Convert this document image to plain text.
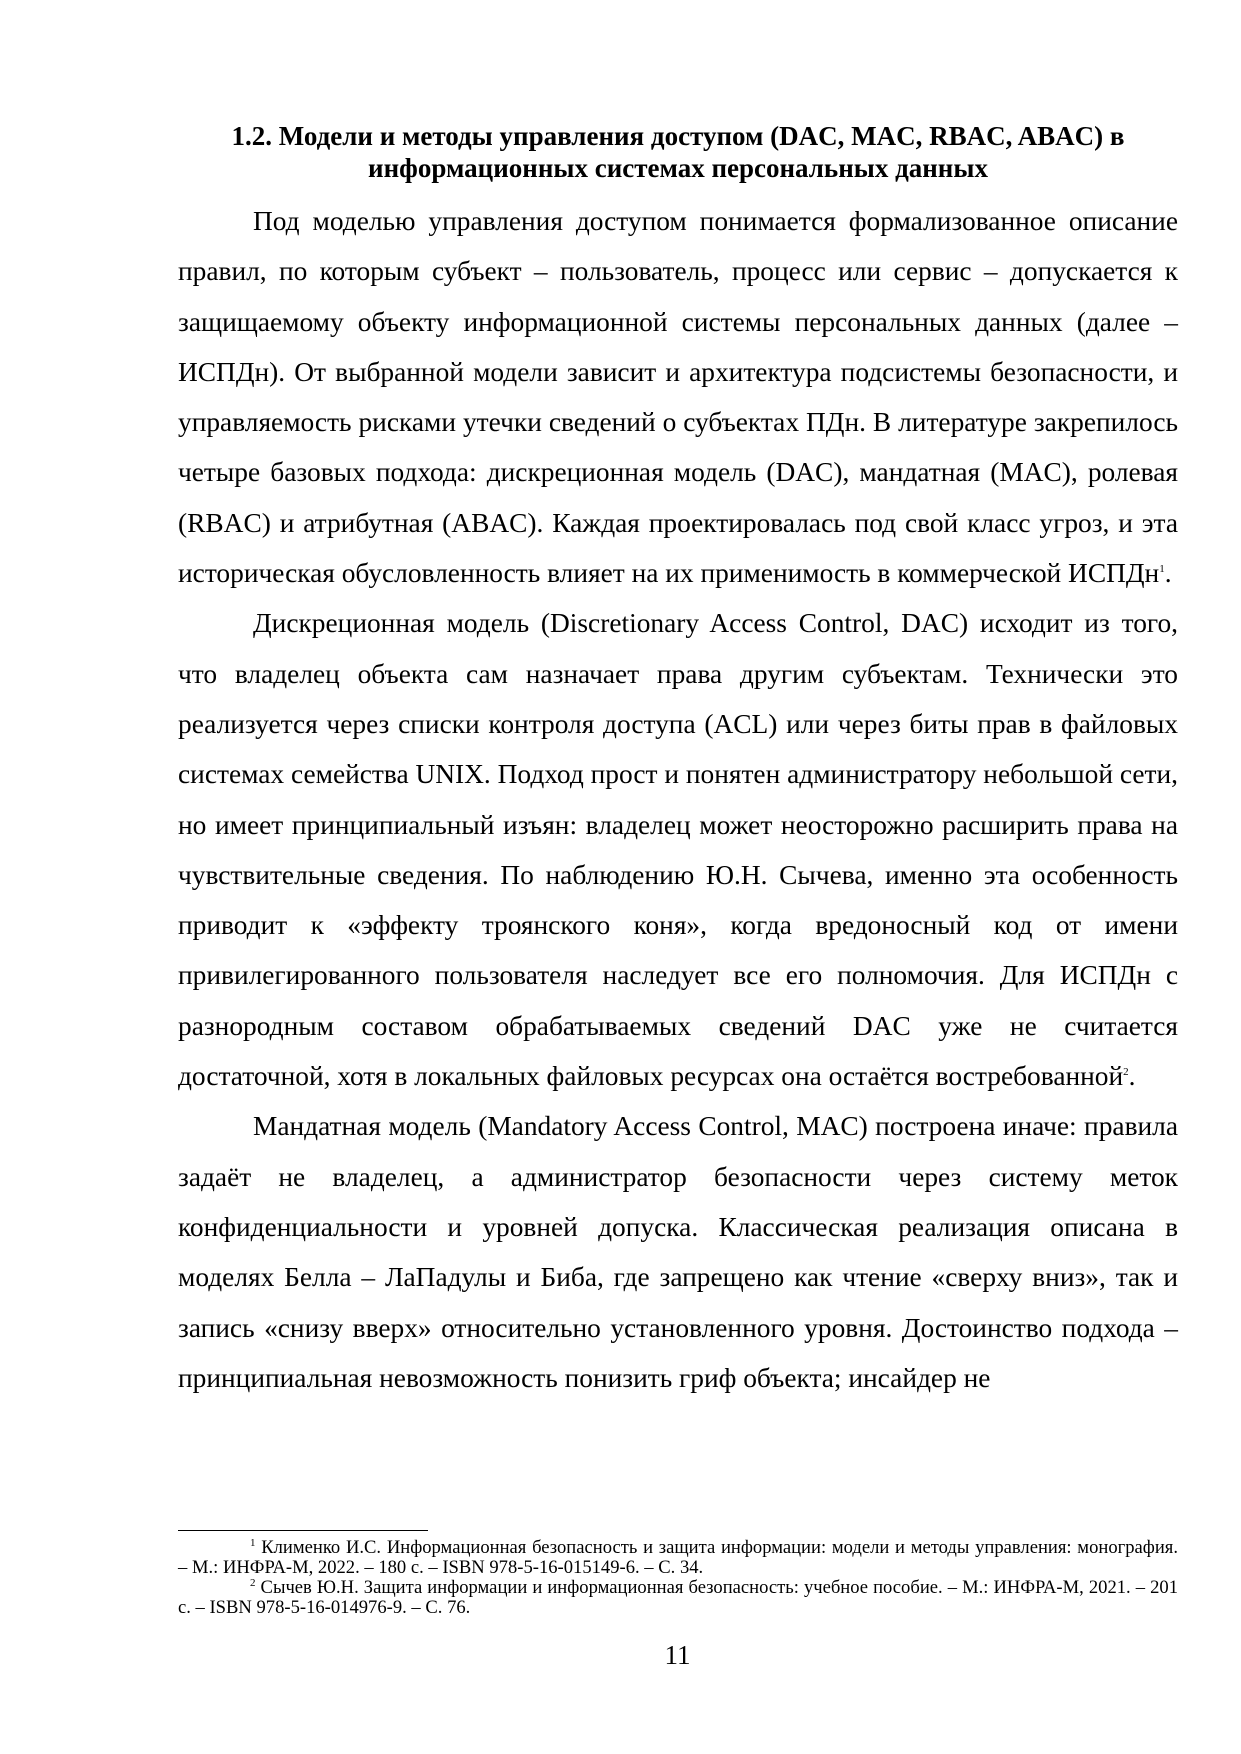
1.2. Модели и методы управления доступом (DAC, MAC, RBAC, ABAC) в
информационных системах персональных данных

Под моделью управления доступом понимается формализованное описание правил, по которым субъект – пользователь, процесс или сервис – допускается к защищаемому объекту информационной системы персональных данных (далее – ИСПДн). От выбранной модели зависит и архитектура подсистемы безопасности, и управляемость рисками утечки сведений о субъектах ПДн. В литературе закрепилось четыре базовых подхода: дискреционная модель (DAC), мандатная (MAC), ролевая (RBAC) и атрибутная (ABAC). Каждая проектировалась под свой класс угроз, и эта историческая обусловленность влияет на их применимость в коммерческой ИСПДн$^1$.

Дискреционная модель (Discretionary Access Control, DAC) исходит из того, что владелец объекта сам назначает права другим субъектам. Технически это реализуется через списки контроля доступа (ACL) или через биты прав в файловых системах семейства UNIX. Подход прост и понятен администратору небольшой сети, но имеет принципиальный изъян: владелец может неосторожно расширить права на чувствительные сведения. По наблюдению Ю.Н. Сычева, именно эта особенность приводит к «эффекту троянского коня», когда вредоносный код от имени привилегированного пользователя наследует все его полномочия. Для ИСПДн с разнородным составом обрабатываемых сведений DAC уже не считается достаточной, хотя в локальных файловых ресурсах она остаётся востребованной$^2$.

Мандатная модель (Mandatory Access Control, MAC) построена иначе: правила задаёт не владелец, а администратор безопасности через систему меток конфиденциальности и уровней допуска. Классическая реализация описана в моделях Белла – ЛаПадулы и Биба, где запрещено как чтение «сверху вниз», так и запись «снизу вверх» относительно установленного уровня. Достоинство подхода – принципиальная невозможность понизить гриф объекта; инсайдер не

$^1$ Клименко И.С. Информационная безопасность и защита информации: модели и методы управления: монография. – М.: ИНФРА-М, 2022. – 180 с. – ISBN 978-5-16-015149-6. – С. 34.

$^2$ Сычев Ю.Н. Защита информации и информационная безопасность: учебное пособие. – М.: ИНФРА-М, 2021. – 201 с. – ISBN 978-5-16-014976-9. – С. 76.

11
